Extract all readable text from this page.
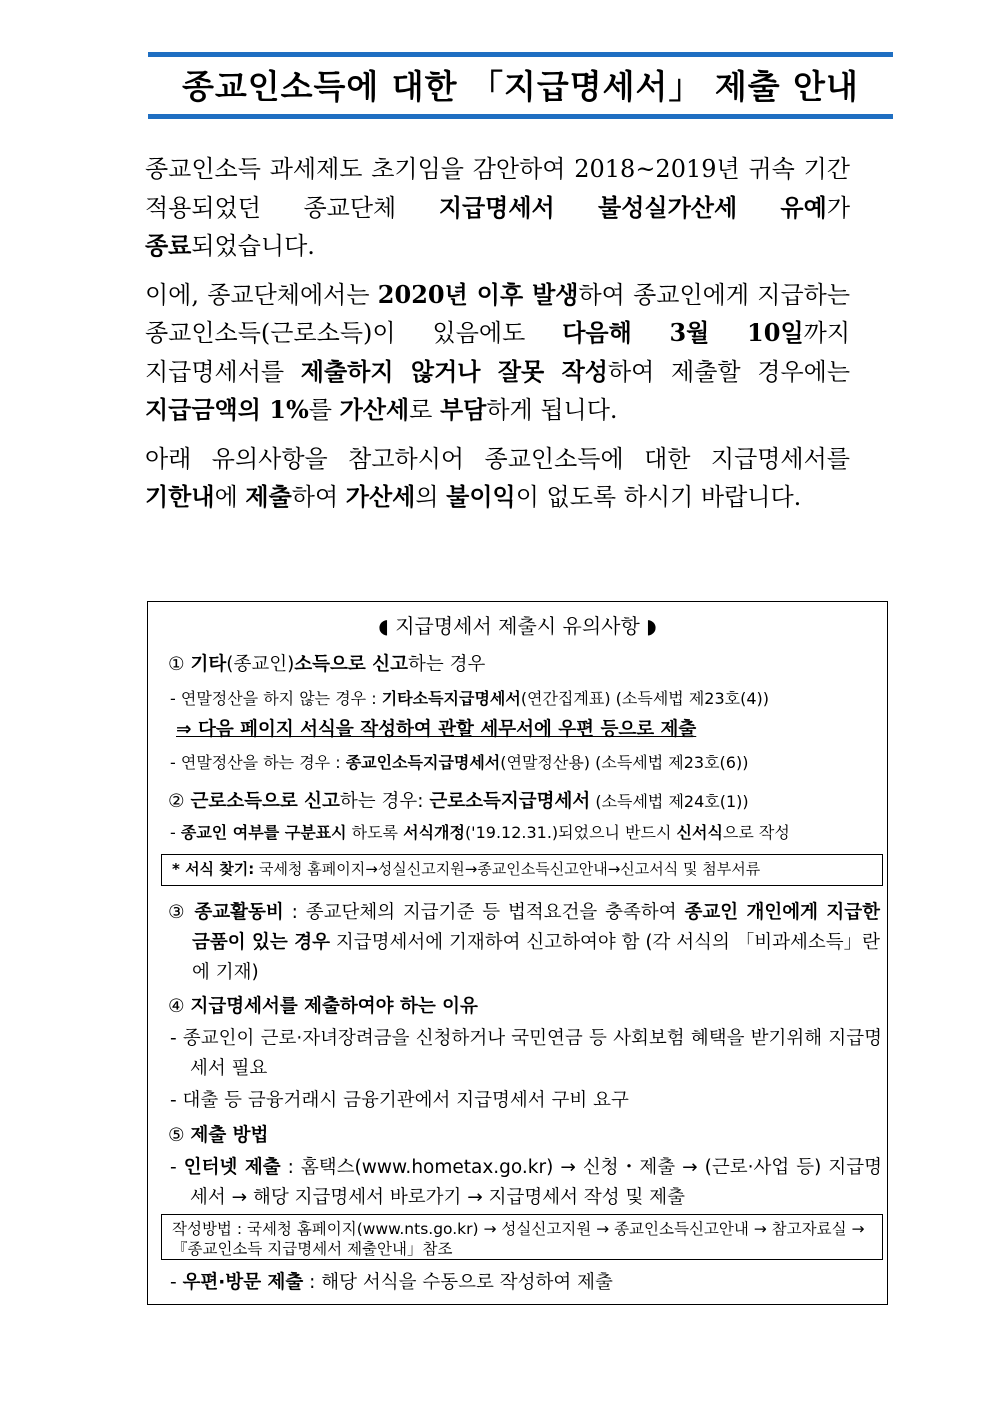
종교인소득에 대한 「지급명세서」 제출 안내

종교인소득 과세제도 초기임을 감안하여 2018~2019년 귀속 기간 적용되었던 종교단체 지급명세서 불성실가산세 유예가 종료되었습니다.

이에, 종교단체에서는 2020년 이후 발생하여 종교인에게 지급하는 종교인소득(근로소득)이 있음에도 다음해 3월 10일까지 지급명세서를 제출하지 않거나 잘못 작성하여 제출할 경우에는 지급금액의 1%를 가산세로 부담하게 됩니다.

아래 유의사항을 참고하시어 종교인소득에 대한 지급명세서를 기한내에 제출하여 가산세의 불이익이 없도록 하시기 바랍니다.

◖ 지급명세서 제출시 유의사항 ◗
① 기타(종교인)소득으로 신고하는 경우
- 연말정산을 하지 않는 경우 : 기타소득지급명세서(연간집계표) (소득세법 제23호(4))
⇒ 다음 페이지 서식을 작성하여 관할 세무서에 우편 등으로 제출
- 연말정산을 하는 경우 : 종교인소득지급명세서(연말정산용) (소득세법 제23호(6))
② 근로소득으로 신고하는 경우: 근로소득지급명세서 (소득세법 제24호(1))
- 종교인 여부를 구분표시 하도록 서식개정('19.12.31.)되었으니 반드시 신서식으로 작성
* 서식 찾기: 국세청 홈페이지→성실신고지원→종교인소득신고안내→신고서식 및 첨부서류
③ 종교활동비 : 종교단체의 지급기준 등 법적요건을 충족하여 종교인 개인에게 지급한 금품이 있는 경우 지급명세서에 기재하여 신고하여야 함 (각 서식의 「비과세소득」란에 기재)
④ 지급명세서를 제출하여야 하는 이유
- 종교인이 근로·자녀장려금을 신청하거나 국민연금 등 사회보험 혜택을 받기위해 지급명세서 필요
- 대출 등 금융거래시 금융기관에서 지급명세서 구비 요구
⑤ 제출 방법
- 인터넷 제출 : 홈택스(www.hometax.go.kr) → 신청・제출 → (근로·사업 등) 지급명세서 → 해당 지급명세서 바로가기 → 지급명세서 작성 및 제출
작성방법 : 국세청 홈페이지(www.nts.go.kr) → 성실신고지원 → 종교인소득신고안내 → 참고자료실 →『종교인소득 지급명세서 제출안내」참조
- 우편·방문 제출 : 해당 서식을 수동으로 작성하여 제출
